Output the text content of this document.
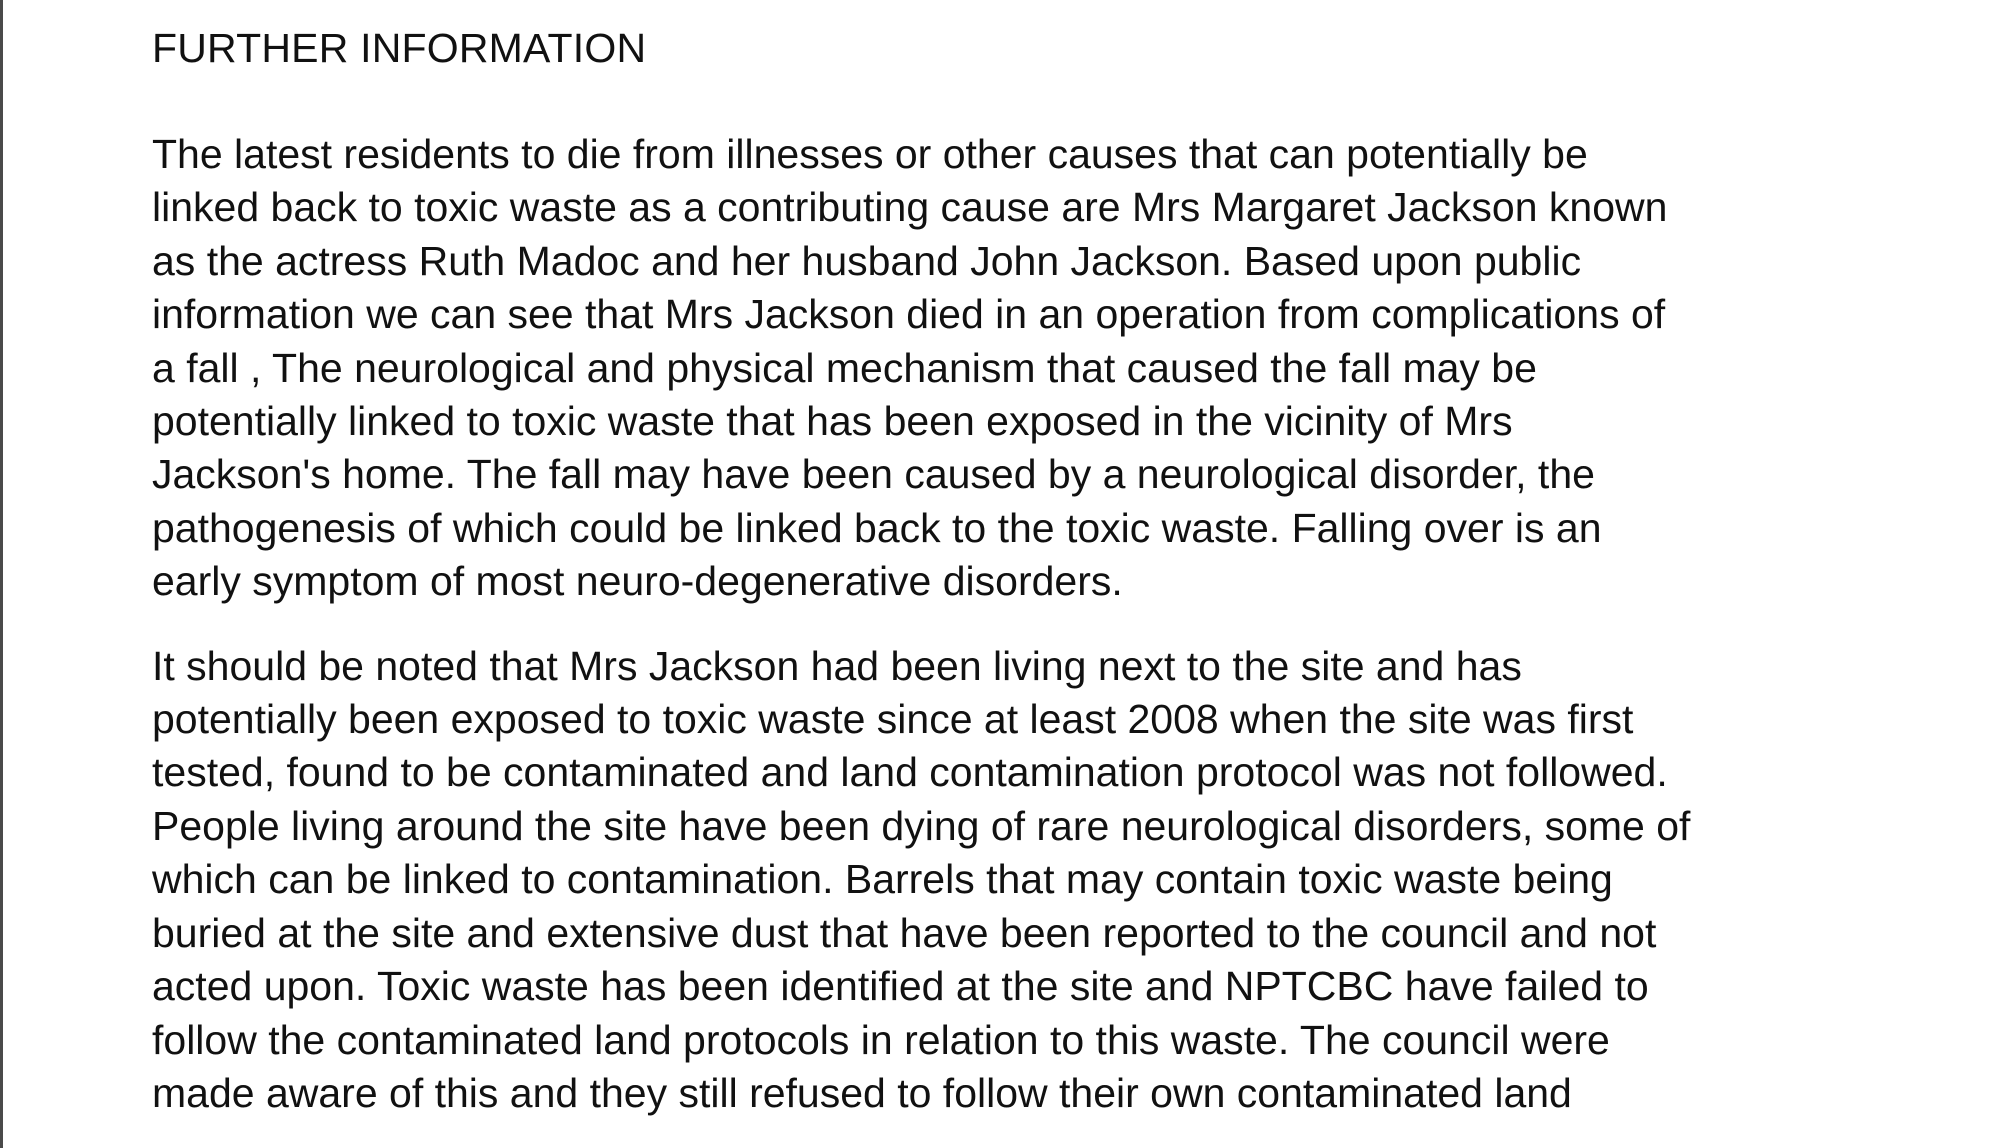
FURTHER INFORMATION

The latest residents to die from illnesses or other causes that can potentially be
linked back to toxic waste as a contributing cause are Mrs Margaret Jackson known
as the actress Ruth Madoc and her husband John Jackson. Based upon public
information we can see that Mrs Jackson died in an operation from complications of
a fall , The neurological and physical mechanism that caused the fall may be
potentially linked to toxic waste that has been exposed in the vicinity of Mrs
Jackson's home. The fall may have been caused by a neurological disorder, the
pathogenesis of which could be linked back to the toxic waste. Falling over is an
early symptom of most neuro-degenerative disorders.

It should be noted that Mrs Jackson had been living next to the site and has
potentially been exposed to toxic waste since at least 2008 when the site was first
tested, found to be contaminated and land contamination protocol was not followed.
People living around the site have been dying of rare neurological disorders, some of
which can be linked to contamination. Barrels that may contain toxic waste being
buried at the site and extensive dust that have been reported to the council and not
acted upon. Toxic waste has been identified at the site and NPTCBC have failed to
follow the contaminated land protocols in relation to this waste. The council were
made aware of this and they still refused to follow their own contaminated land
